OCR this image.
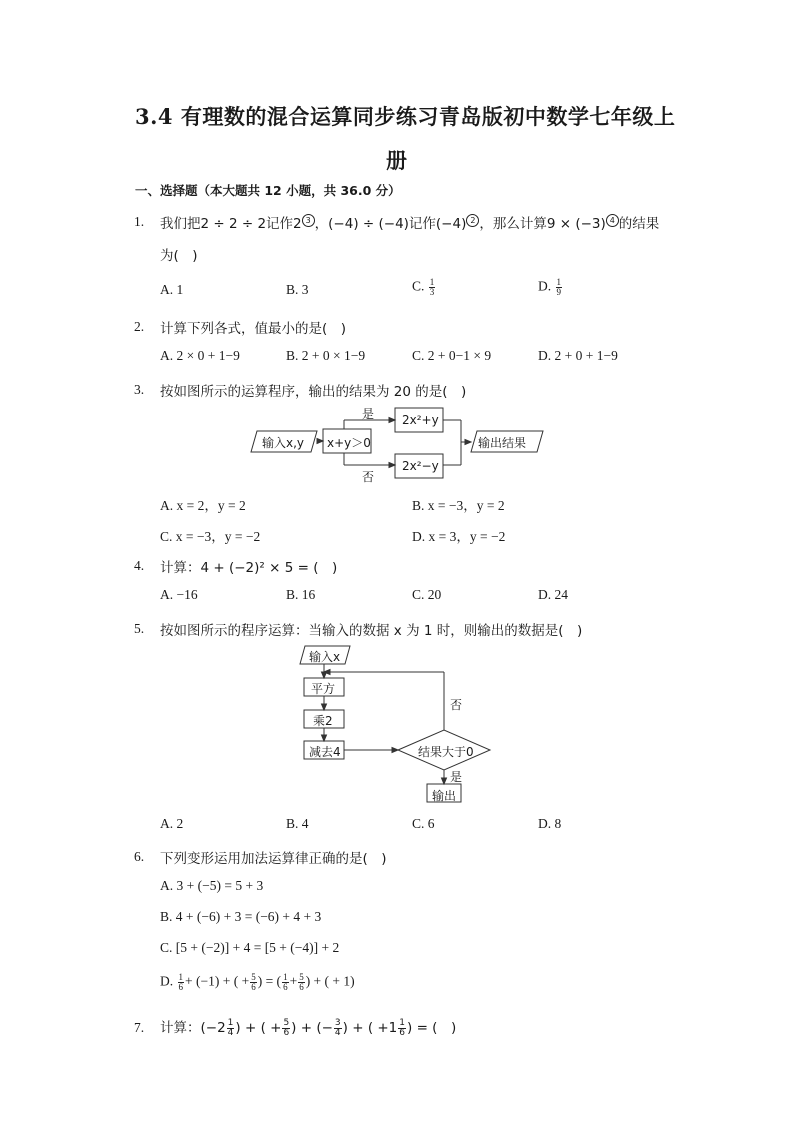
3.4 有理数的混合运算同步练习青岛版初中数学七年级上
册
一、选择题（本大题共 12 小题，共 36.0 分）
1. 我们把2 ÷ 2 ÷ 2记作2 3 ，(−4) ÷ (−4)记作(−4) 2 ，那么计算9 × (−3) 4 的结果
为(　)
A. 1	B. 3	C. $\frac{1}{3}$	D. $\frac{1}{9}$
2. 计算下列各式，值最小的是(　)
A. 2 × 0 + 1−9	B. 2 + 0 × 1−9	C. 2 + 0−1 × 9	D. 2 + 0 + 1−9
3. 按如图所示的运算程序，输出的结果为 20 的是(　)
输入x,y x+y＞0
是
否
2x²+y
2x²−y
输出结果
A. x = 2，y = 2	B. x = −3，y = 2
C. x = −3，y = −2	D. x = 3，y = −2
4. 计算：4 + (−2)² × 5 = (　)
A. −16	B. 16	C. 20	D. 24
5. 按如图所示的程序运算：当输入的数据 x 为 1 时，则输出的数据是(　)
输入x
平方
乘2
减去4	结果大于0
否
是
输出
A. 2	B. 4	C. 6	D. 8
6. 下列变形运用加法运算律正确的是(　)
A. 3 + (−5) = 5 + 3
B. 4 + (−6) + 3 = (−6) + 4 + 3
C. [5 + (−2)] + 4 = [5 + (−4)] + 2
D. $\frac{1}{6} + (-1)$ + ( + $\frac{5}{6}$ ) = ( $\frac{1}{6} + \frac{5}{6}$ ) + ( + 1)
7. 计算：($-2 \frac{1}{4}$ ) + ( + $\frac{5}{6}$ ) + (− $\frac{3}{4}$ ) + ( $+1 \frac{1}{6}$ ) = (　)
